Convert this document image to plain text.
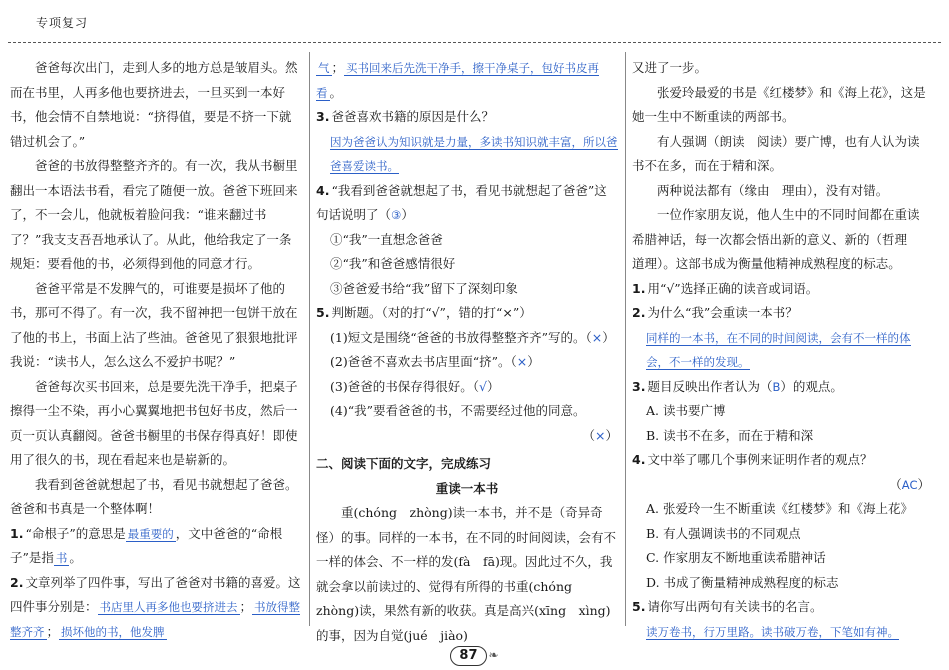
专项复习

爸爸每次出门，走到人多的地方总是皱眉头。然而在书里，人再多他也要挤进去，一旦买到一本好书，他会情不自禁地说：“挤得值，要是不挤一下就错过机会了。”

爸爸的书放得整整齐齐的。有一次，我从书橱里翻出一本语法书看，看完了随便一放。爸爸下班回来了，不一会儿，他就板着脸问我：“谁来翻过书了？”我支支吾吾地承认了。从此，他给我定了一条规矩：要看他的书，必须得到他的同意才行。

爸爸平常是不发脾气的，可谁要是损坏了他的书，那可不得了。有一次，我不留神把一包饼干放在了他的书上，书面上沾了些油。爸爸见了狠狠地批评我说：“读书人，怎么这么不爱护书呢？”

爸爸每次买书回来，总是要先洗干净手，把桌子擦得一尘不染，再小心翼翼地把书包好书皮，然后一页一页认真翻阅。爸爸书橱里的书保存得真好！即使用了很久的书，现在看起来也是崭新的。

我看到爸爸就想起了书，看见书就想起了爸爸。爸爸和书真是一个整体啊！

1. “命根子”的意思是 最重要的 ，文中爸爸的“命根子”是指 书 。

2. 文章列举了四件事，写出了爸爸对书籍的喜爱。这四件事分别是： 书店里人再多他也要挤进去 ； 书放得整整齐齐 ； 损坏他的书，他发脾

气 ； 买书回来后先洗干净手，擦干净桌子，包好书皮再看 。

3. 爸爸喜欢书籍的原因是什么？

因为爸爸认为知识就是力量，多读书知识就丰富，所以爸爸喜爱读书。

4. “我看到爸爸就想起了书，看见书就想起了爸爸”这句话说明了（③）

①“我”一直想念爸爸

②“我”和爸爸感情很好

③爸爸爱书给“我”留下了深刻印象

5. 判断题。（对的打“√”，错的打“×”）

(1)短文是围绕“爸爸的书放得整整齐齐”写的。（×）

(2)爸爸不喜欢去书店里面“挤”。（×）

(3)爸爸的书保存得很好。（√）

(4)“我”要看爸爸的书，不需要经过他的同意。

（×）

二、阅读下面的文字，完成练习

重读一本书

重(chóng　zhòng)读一本书，并不是（奇异奇怪）的事。同样的一本书，在不同的时间阅读，会有不一样的体会、不一样的发(fà　fā)现。因此过不久，我就会拿以前读过的、觉得有所得的书重(chóng　zhòng)读，果然有新的收获。真是高兴(xīng　xìng)的事，因为自觉(jué　jiào)

又进了一步。

张爱玲最爱的书是《红楼梦》和《海上花》，这是她一生中不断重读的两部书。

有人强调（朗读　阅读）要广博，也有人认为读书不在多，而在于精和深。

两种说法都有（缘由　理由），没有对错。

一位作家朋友说，他人生中的不同时间都在重读希腊神话，每一次都会悟出新的意义、新的（哲理　道理）。这部书成为衡量他精神成熟程度的标志。

1. 用“√”选择正确的读音或词语。

2. 为什么“我”会重读一本书？

同样的一本书，在不同的时间阅读，会有不一样的体会，不一样的发现。

3. 题目反映出作者认为（B）的观点。

A. 读书要广博

B. 读书不在多，而在于精和深

4. 文中举了哪几个事例来证明作者的观点？

（AC）

A. 张爱玲一生不断重读《红楼梦》和《海上花》

B. 有人强调读书的不同观点

C. 作家朋友不断地重读希腊神话

D. 书成了衡量精神成熟程度的标志

5. 请你写出两句有关读书的名言。

读万卷书，行万里路。读书破万卷，下笔如有神。

87 ❧
